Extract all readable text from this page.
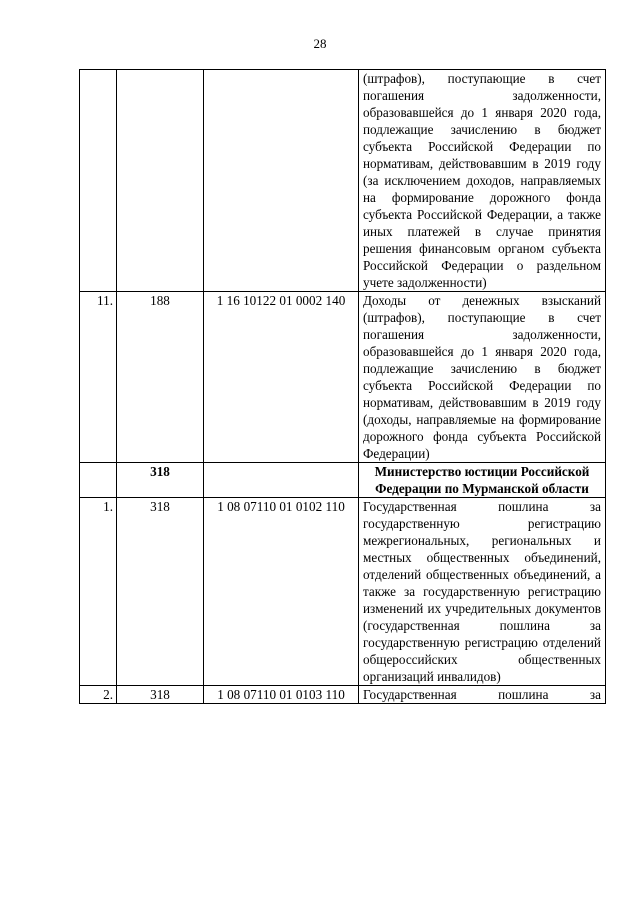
28
			(штрафов), поступающие в счет погашения задолженности, образовавшейся до 1 января 2020 года, подлежащие зачислению в бюджет субъекта Российской Федерации по нормативам, действовавшим в 2019 году (за исключением доходов, направляемых на формирование дорожного фонда субъекта Российской Федерации, а также иных платежей в случае принятия решения финансовым органом субъекта Российской Федерации о раздельном учете задолженности)
11.	188	1 16 10122 01 0002 140	Доходы от денежных взысканий (штрафов), поступающие в счет погашения задолженности, образовавшейся до 1 января 2020 года, подлежащие зачислению в бюджет субъекта Российской Федерации по нормативам, действовавшим в 2019 году (доходы, направляемые на формирование дорожного фонда субъекта Российской Федерации)
	318		Министерство юстиции Российской Федерации по Мурманской области
1.	318	1 08 07110 01 0102 110	Государственная пошлина за государственную регистрацию межрегиональных, региональных и местных общественных объединений, отделений общественных объединений, а также за государственную регистрацию изменений их учредительных документов (государственная пошлина за государственную регистрацию отделений общероссийских общественных организаций инвалидов)
2.	318	1 08 07110 01 0103 110	Государственная пошлина за
